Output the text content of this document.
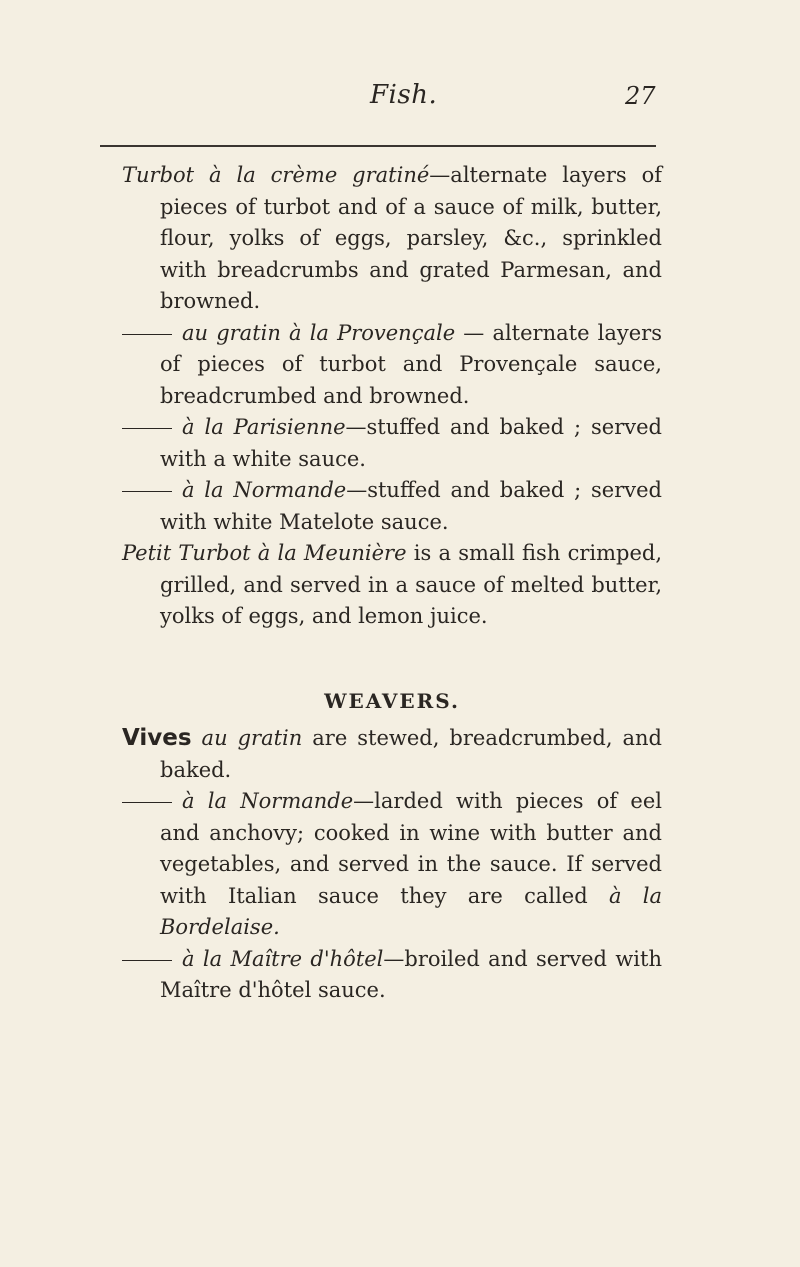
Fish.	27

Turbot à la crème gratiné—alternate layers of pieces of turbot and of a sauce of milk, butter, flour, yolks of eggs, parsley, &c., sprinkled with breadcrumbs and grated Parmesan, and browned.

au gratin à la Provençale — alternate layers of pieces of turbot and Provençale sauce, breadcrumbed and browned.

à la Parisienne—stuffed and baked ; served with a white sauce.

à la Normande—stuffed and baked ; served with white Matelote sauce.

Petit Turbot à la Meunière is a small fish crimped, grilled, and served in a sauce of melted butter, yolks of eggs, and lemon juice.

WEAVERS.

Vives au gratin are stewed, breadcrumbed, and baked.

à la Normande—larded with pieces of eel and anchovy; cooked in wine with butter and vegetables, and served in the sauce. If served with Italian sauce they are called à la Bordelaise.

à la Maître d'hôtel—broiled and served with Maître d'hôtel sauce.
